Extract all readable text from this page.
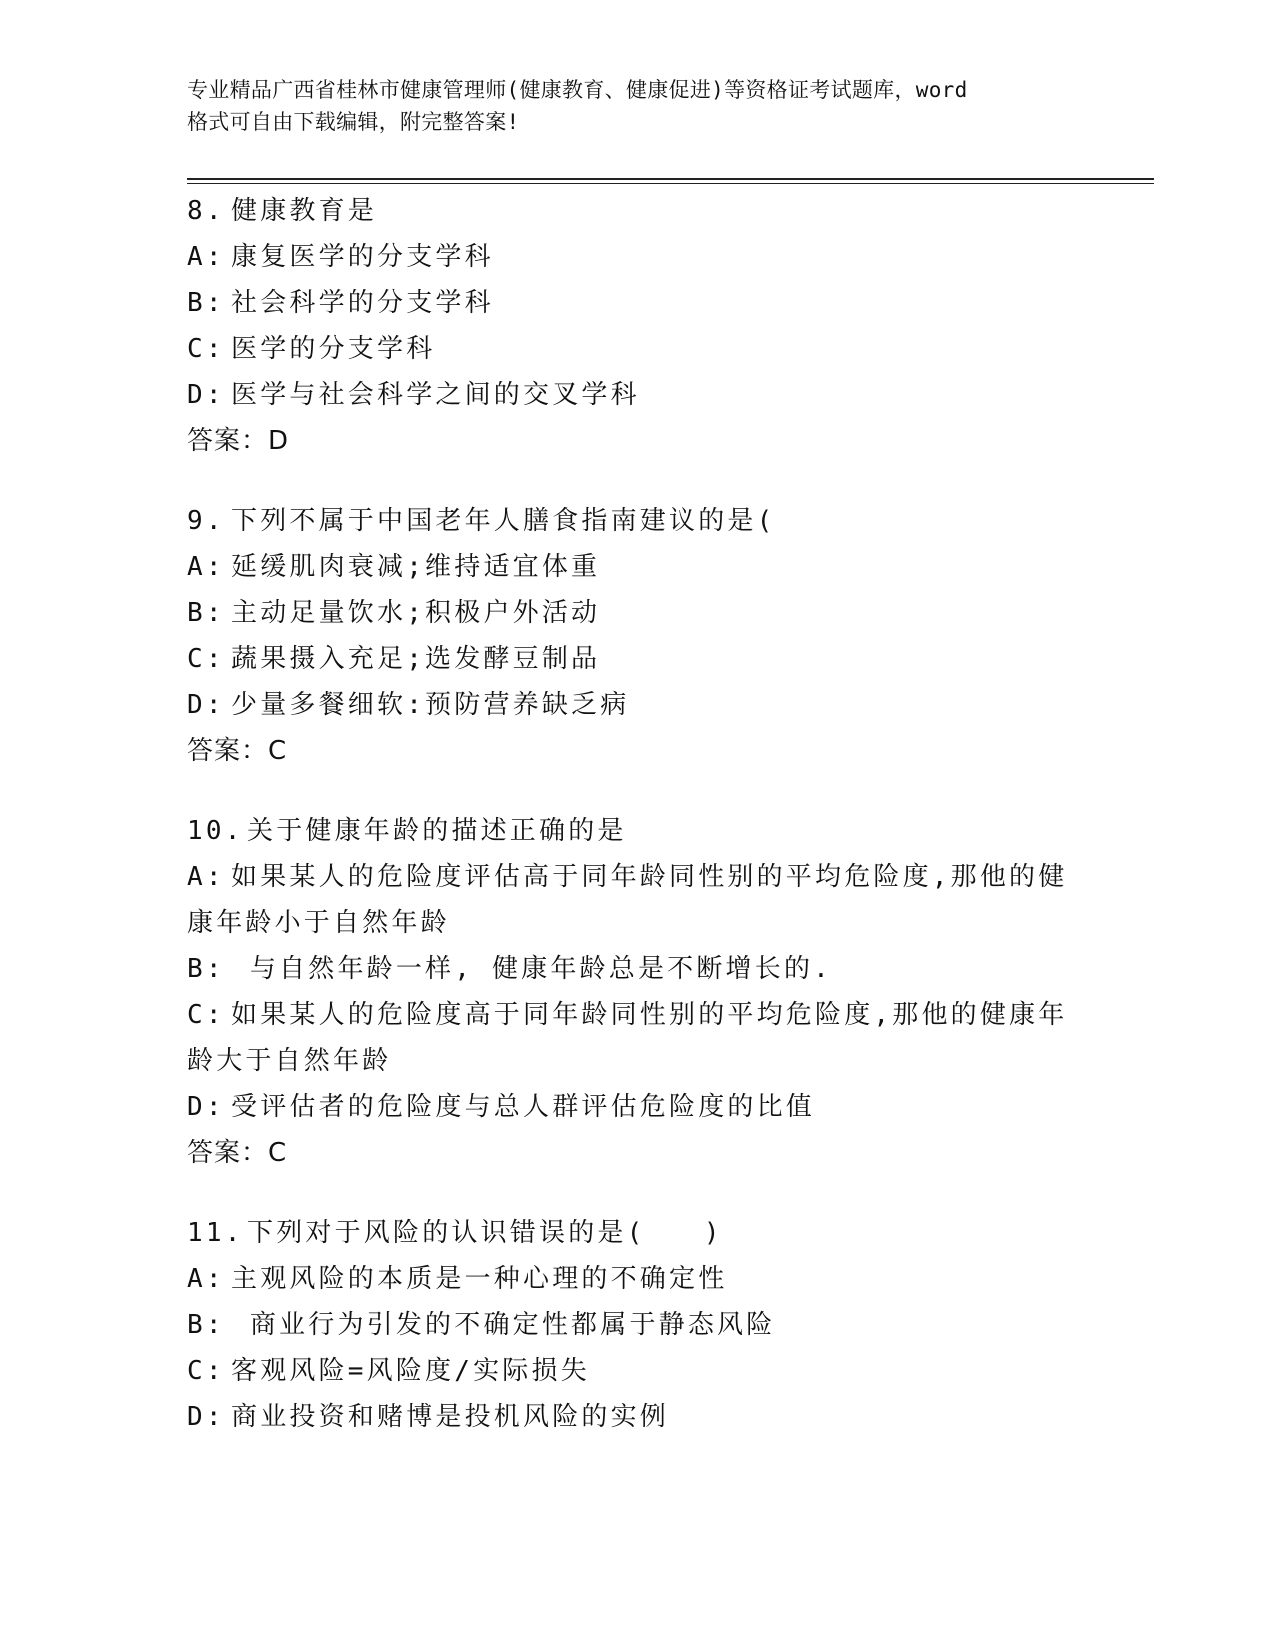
专业精品广西省桂林市健康管理师(健康教育、健康促进)等资格证考试题库，word
格式可自由下载编辑，附完整答案!
8. 健康教育是
A: 康复医学的分支学科
B: 社会科学的分支学科
C: 医学的分支学科
D: 医学与社会科学之间的交叉学科
答案：D
9. 下列不属于中国老年人膳食指南建议的是(
A: 延缓肌肉衰减;维持适宜体重
B: 主动足量饮水;积极户外活动
C: 蔬果摄入充足;选发酵豆制品
D: 少量多餐细软:预防营养缺乏病
答案：C
10. 关于健康年龄的描述正确的是
A: 如果某人的危险度评估高于同年龄同性别的平均危险度,那他的健
康年龄小于自然年龄
B: 与自然年龄一样, 健康年龄总是不断增长的.
C: 如果某人的危险度高于同年龄同性别的平均危险度,那他的健康年
龄大于自然年龄
D: 受评估者的危险度与总人群评估危险度的比值
答案：C
11. 下列对于风险的认识错误的是(　　)
A: 主观风险的本质是一种心理的不确定性
B: 商业行为引发的不确定性都属于静态风险
C: 客观风险=风险度/实际损失
D: 商业投资和赌博是投机风险的实例
